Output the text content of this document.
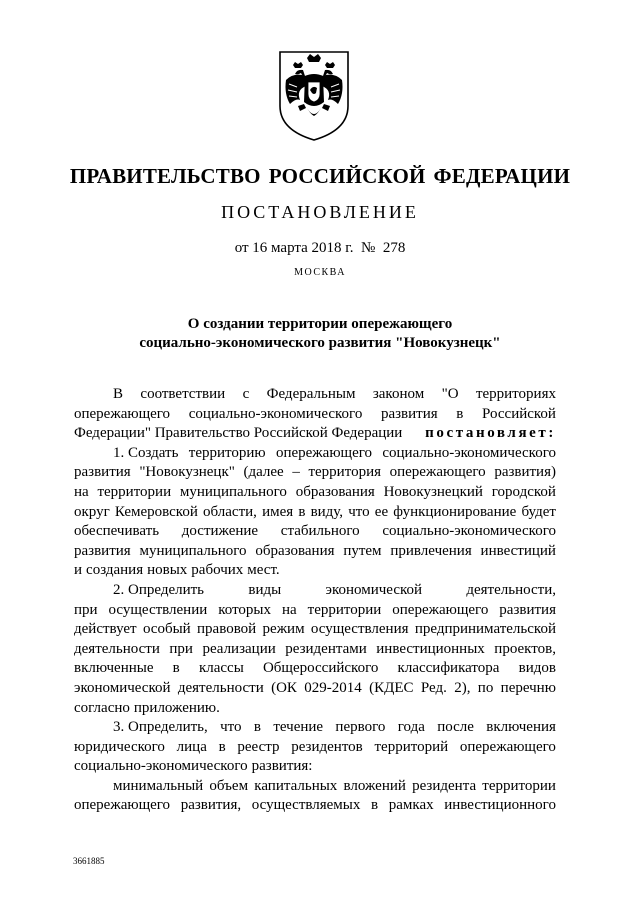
ПРАВИТЕЛЬСТВО РОССИЙСКОЙ ФЕДЕРАЦИИ
ПОСТАНОВЛЕНИЕ
от 16 марта 2018 г.  №  278
МОСКВА
О создании территории опережающего
социально-экономического развития "Новокузнецк"
В соответствии с Федеральным законом "О территориях
опережающего социально-экономического развития в Российской
Федерации" Правительство Российской Федерации постановляет:
1. Создать территорию опережающего социально-экономического
развития "Новокузнецк" (далее – территория опережающего развития)
на территории муниципального образования Новокузнецкий городской
округ Кемеровской области, имея в виду, что ее функционирование будет
обеспечивать достижение стабильного социально-экономического
развития муниципального образования путем привлечения инвестиций
и создания новых рабочих мест.
2. Определить	виды	экономической	деятельности,
при осуществлении которых на территории опережающего развития
действует особый правовой режим осуществления предпринимательской
деятельности при реализации резидентами инвестиционных проектов,
включенные в классы Общероссийского классификатора видов
экономической деятельности (ОК 029-2014 (КДЕС Ред. 2), по перечню
согласно приложению.
3. Определить, что в течение первого года после включения
юридического лица в реестр резидентов территорий опережающего
социально-экономического развития:
минимальный объем капитальных вложений резидента территории
опережающего развития, осуществляемых в рамках инвестиционного
3661885
